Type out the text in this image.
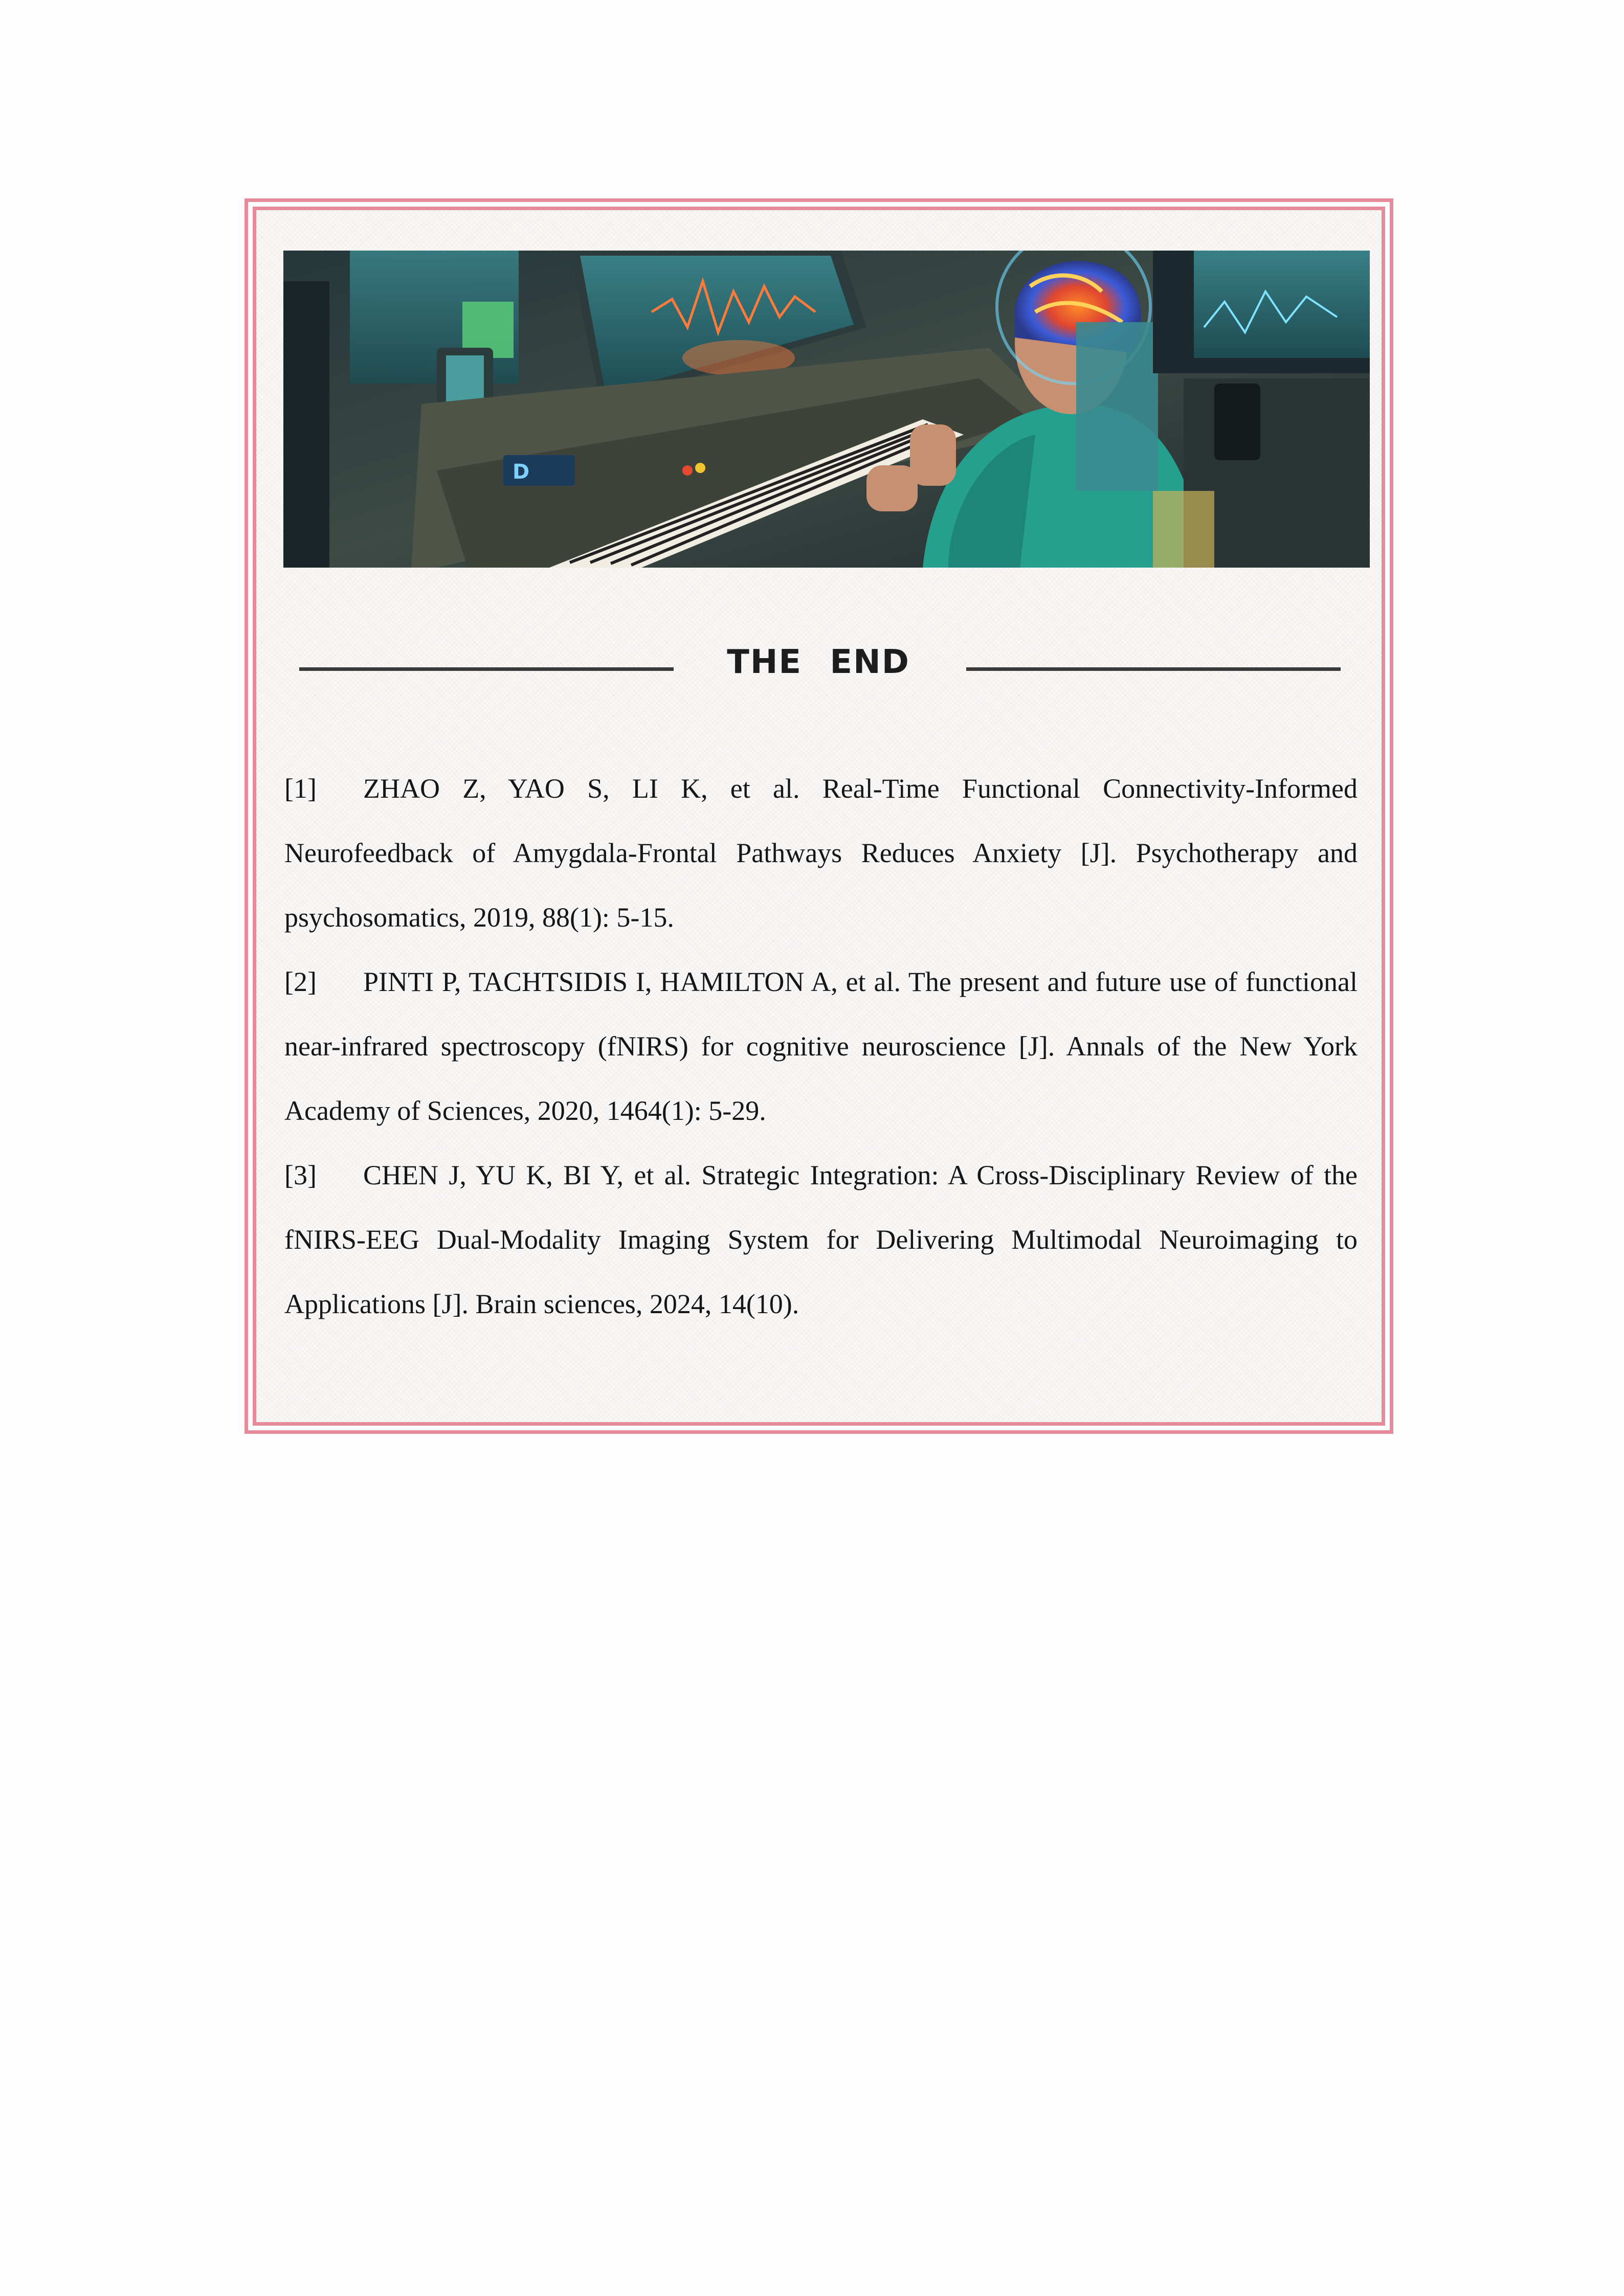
D
THE END

[1] ZHAO Z, YAO S, LI K, et al. Real-Time Functional Connectivity-Informed Neurofeedback of Amygdala-Frontal Pathways Reduces Anxiety [J]. Psychotherapy and psychosomatics, 2019, 88(1): 5-15.

[2] PINTI P, TACHTSIDIS I, HAMILTON A, et al. The present and future use of functional near-infrared spectroscopy (fNIRS) for cognitive neuroscience [J]. Annals of the New York Academy of Sciences, 2020, 1464(1): 5-29.

[3] CHEN J, YU K, BI Y, et al. Strategic Integration: A Cross-Disciplinary Review of the fNIRS-EEG Dual-Modality Imaging System for Delivering Multimodal Neuroimaging to Applications [J]. Brain sciences, 2024, 14(10).
